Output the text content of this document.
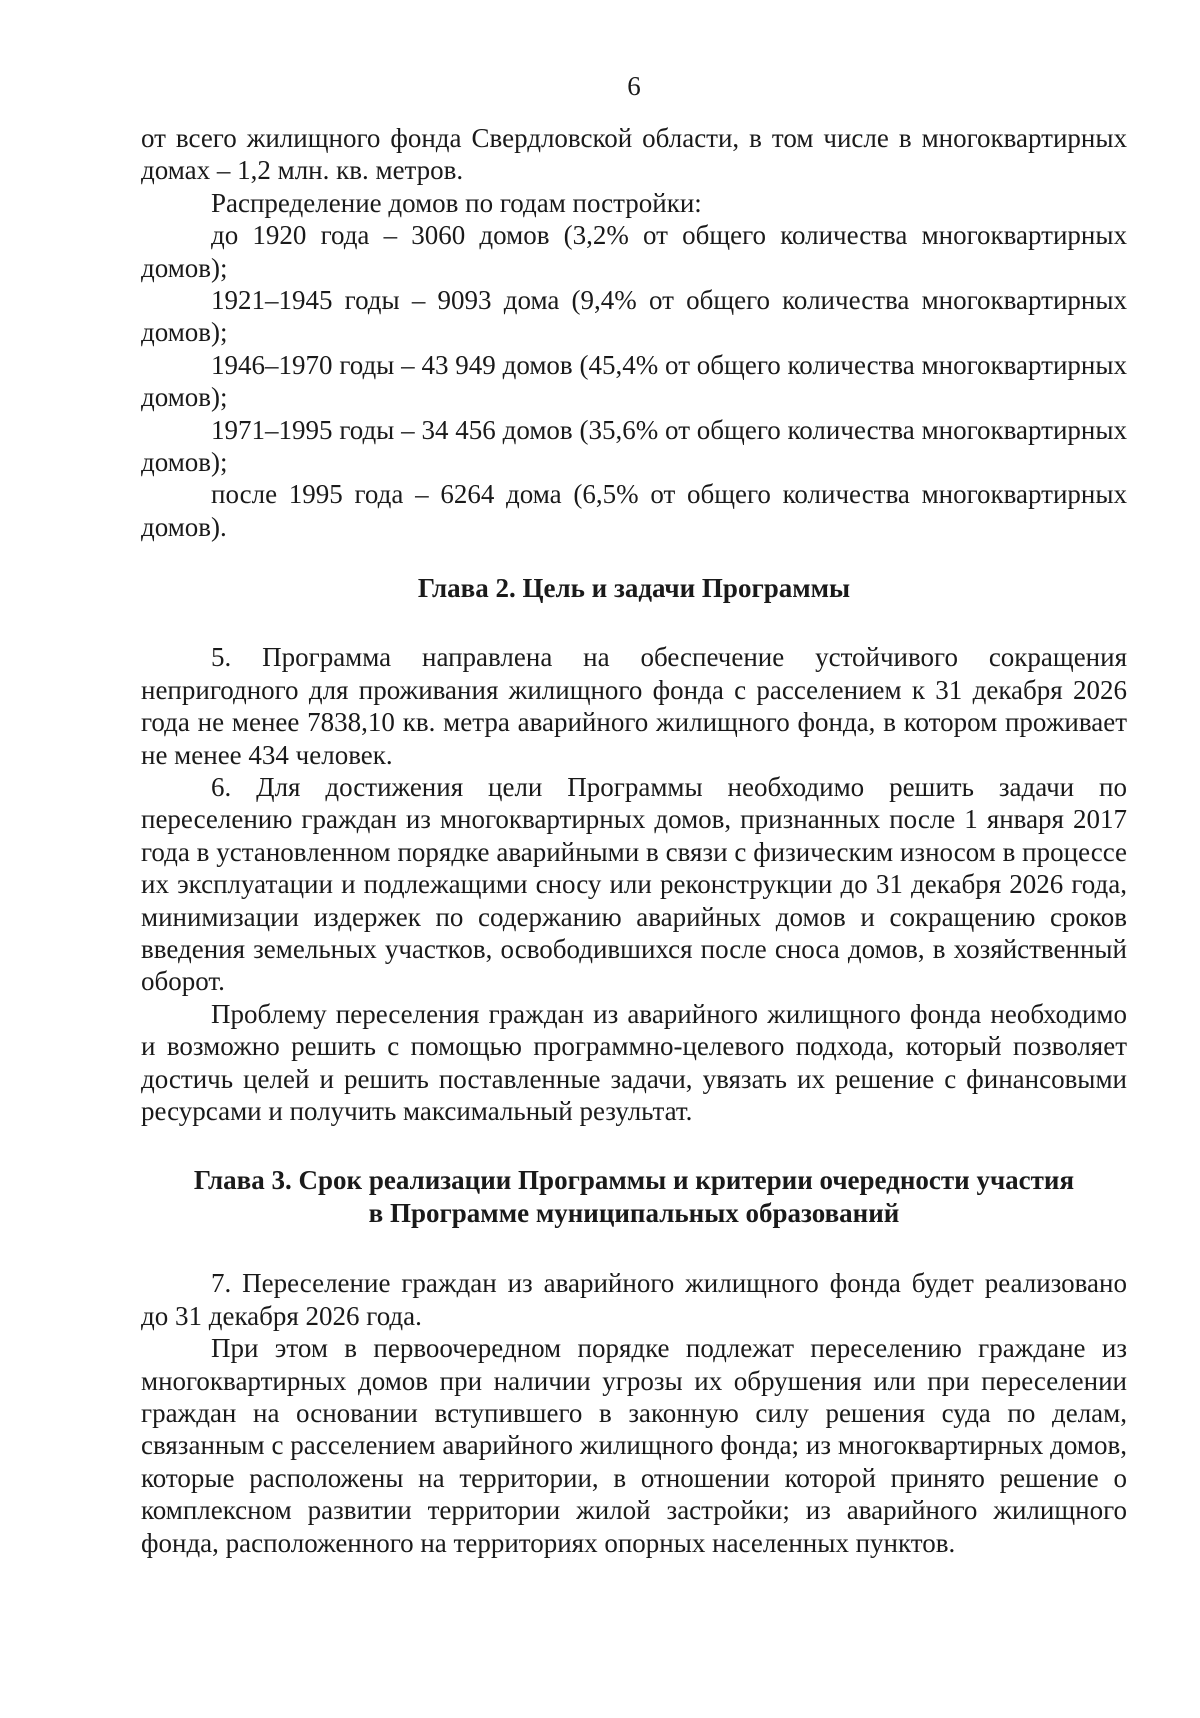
6

от всего жилищного фонда Свердловской области, в том числе в многоквартирных домах – 1,2 млн. кв. метров.

Распределение домов по годам постройки:

до 1920 года – 3060 домов (3,2% от общего количества многоквартирных домов);

1921–1945 годы – 9093 дома (9,4% от общего количества многоквартирных домов);

1946–1970 годы – 43 949 домов (45,4% от общего количества многоквартирных домов);

1971–1995 годы – 34 456 домов (35,6% от общего количества многоквартирных домов);

после 1995 года – 6264 дома (6,5% от общего количества многоквартирных домов).

Глава 2. Цель и задачи Программы

5. Программа направлена на обеспечение устойчивого сокращения непригодного для проживания жилищного фонда с расселением к 31 декабря 2026 года не менее 7838,10 кв. метра аварийного жилищного фонда, в котором проживает не менее 434 человек.

6. Для достижения цели Программы необходимо решить задачи по переселению граждан из многоквартирных домов, признанных после 1 января 2017 года в установленном порядке аварийными в связи с физическим износом в процессе их эксплуатации и подлежащими сносу или реконструкции до 31 декабря 2026 года, минимизации издержек по содержанию аварийных домов и сокращению сроков введения земельных участков, освободившихся после сноса домов, в хозяйственный оборот.

Проблему переселения граждан из аварийного жилищного фонда необходимо и возможно решить с помощью программно-целевого подхода, который позволяет достичь целей и решить поставленные задачи, увязать их решение с финансовыми ресурсами и получить максимальный результат.

Глава 3. Срок реализации Программы и критерии очередности участия
в Программе муниципальных образований

7. Переселение граждан из аварийного жилищного фонда будет реализовано до 31 декабря 2026 года.

При этом в первоочередном порядке подлежат переселению граждане из многоквартирных домов при наличии угрозы их обрушения или при переселении граждан на основании вступившего в законную силу решения суда по делам, связанным с расселением аварийного жилищного фонда; из многоквартирных домов, которые расположены на территории, в отношении которой принято решение о комплексном развитии территории жилой застройки; из аварийного жилищного фонда, расположенного на территориях опорных населенных пунктов.
